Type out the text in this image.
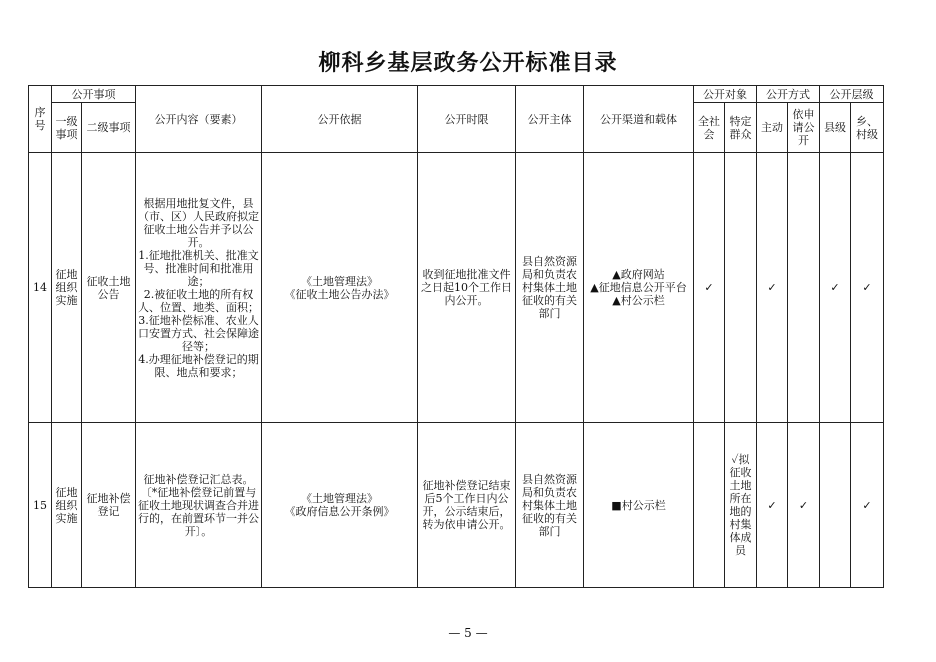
柳科乡基层政务公开标准目录
序号	公开事项		公开内容（要素）	公开依据	公开时限	公开主体	公开渠道和载体	公开对象		公开方式		公开层级	
	一级事项	二级事项						全社会	特定群众	主动	依申请公开	县级	乡、村级
14	征地组织实施	征收土地公告	根据用地批复文件，县（市、区）人民政府拟定征收土地公告并予以公开。
1.征地批准机关、批准文号、批准时间和批准用途；
2.被征收土地的所有权人、位置、地类、面积；
3.征地补偿标准、农业人口安置方式、社会保障途径等；
4.办理征地补偿登记的期限、地点和要求；	《土地管理法》
《征收土地公告办法》	收到征地批准文件之日起10个工作日内公开。	县自然资源局和负责农村集体土地征收的有关部门	▲政府网站
▲征地信息公开平台
▲村公示栏	✓		✓		✓	✓
15	征地组织实施	征地补偿登记	征地补偿登记汇总表。
〔*征地补偿登记前置与征收土地现状调查合并进行的，在前置环节一并公开〕。	《土地管理法》
《政府信息公开条例》	征地补偿登记结束后5个工作日内公开，公示结束后，转为依申请公开。	县自然资源局和负责农村集体土地征收的有关部门	■村公示栏		✓拟征收土地所在地的村集体成员	✓	✓		✓
— 5 —
